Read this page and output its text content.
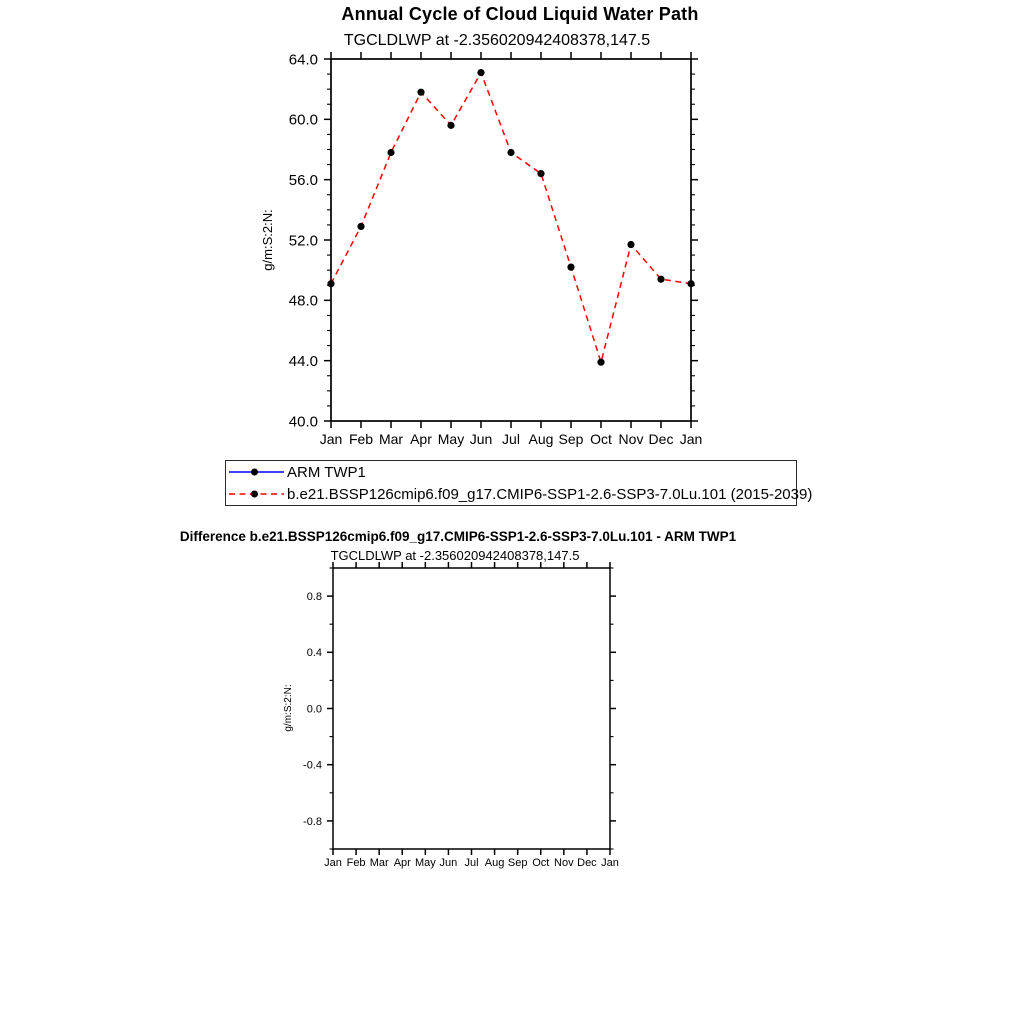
Annual Cycle of Cloud Liquid Water Path
TGCLDLWP at -2.356020942408378,147.5
64.0
60.0
56.0
52.0
48.0
44.0
40.0
Jan Feb Mar Apr May Jun Jul Aug Sep Oct Nov Dec Jan
g/m:S:2:N:
ARM TWP1
b.e21.BSSP126cmip6.f09_g17.CMIP6-SSP1-2.6-SSP3-7.0Lu.101 (2015-2039)
Difference b.e21.BSSP126cmip6.f09_g17.CMIP6-SSP1-2.6-SSP3-7.0Lu.101 - ARM TWP1
TGCLDLWP at -2.356020942408378,147.5
0.8
0.4
0.0
-0.4
-0.8
Jan Feb Mar Apr May Jun Jul Aug Sep Oct Nov Dec Jan
g/m:S:2:N:
